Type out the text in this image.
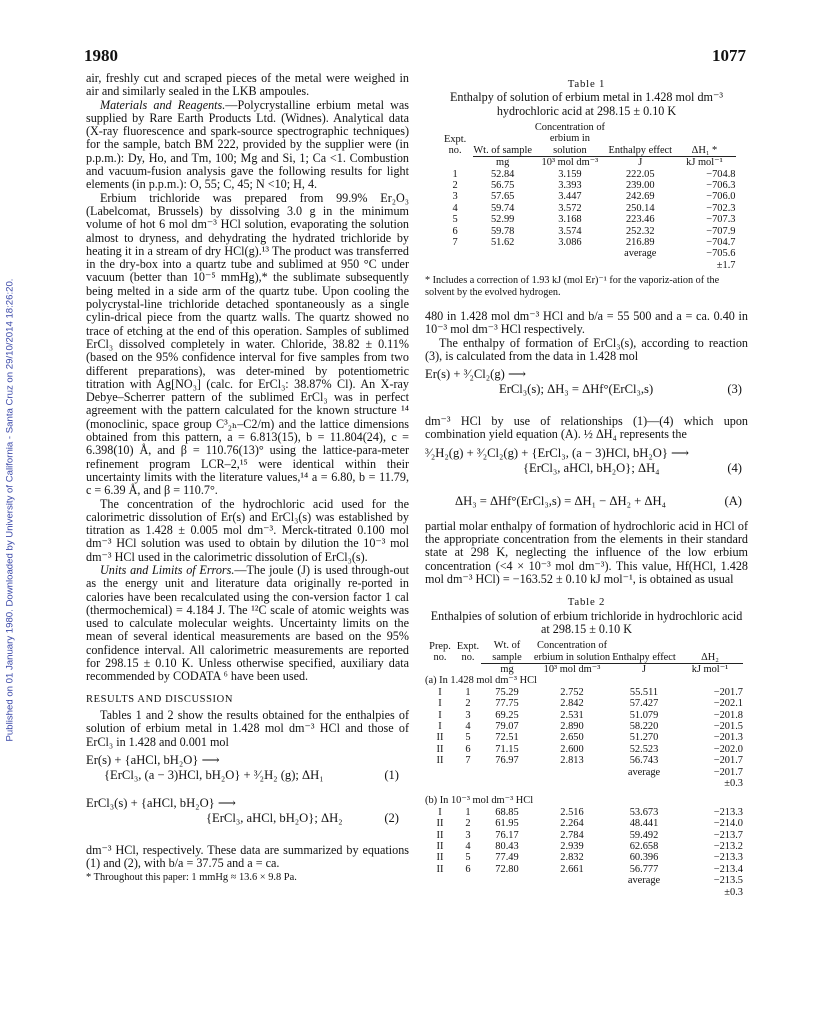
1980	1077
Published on 01 January 1980. Downloaded by University of California - Santa Cruz on 29/10/2014 18:26:20.

air, freshly cut and scraped pieces of the metal were weighed in air and similarly sealed in the LKB ampoules.

Materials and Reagents.—Polycrystalline erbium metal was supplied by Rare Earth Products Ltd. (Widnes). Analytical data (X-ray fluorescence and spark-source spectrographic techniques) for the sample, batch BM 222, provided by the supplier were (in p.p.m.): Dy, Ho, and Tm, 100; Mg and Si, 1; Ca <1. Combustion and vacuum-fusion analysis gave the following results for light elements (in p.p.m.): O, 55; C, 45; N <10; H, 4.

Erbium trichloride was prepared from 99.9% Er₂O₃ (Labelcomat, Brussels) by dissolving 3.0 g in the minimum volume of hot 6 mol dm⁻³ HCl solution, evaporating the solution almost to dryness, and dehydrating the hydrated trichloride by heating it in a stream of dry HCl(g).¹³ The product was transferred in the dry-box into a quartz tube and sublimed at 950 °C under vacuum (better than 10⁻⁵ mmHg),* the sublimate subsequently being melted in a side arm of the quartz tube. Upon cooling the polycrystal-line trichloride detached spontaneously as a single cylin-drical piece from the quartz walls. The quartz showed no trace of etching at the end of this operation. Samples of sublimed ErCl₃ dissolved completely in water. Chloride, 38.82 ± 0.11% (based on the 95% confidence interval for five samples from two different preparations), was deter-mined by potentiometric titration with Ag[NO₃] (calc. for ErCl₃: 38.87% Cl). An X-ray Debye–Scherrer pattern of the sublimed ErCl₃ was in perfect agreement with the pattern calculated for the known structure ¹⁴ (monoclinic, space group C³₂ₕ–C2/m) and the lattice dimensions obtained from this pattern, a = 6.813(15), b = 11.804(24), c = 6.398(10) Å, and β = 110.76(13)° using the lattice-para-meter refinement program LCR–2,¹⁵ were identical within their uncertainty limits with the literature values,¹⁴ a = 6.80, b = 11.79, c = 6.39 Å, and β = 110.7°.

The concentration of the hydrochloric acid used for the calorimetric dissolution of Er(s) and ErCl₃(s) was established by titration as 1.428 ± 0.005 mol dm⁻³. Merck-titrated 0.100 mol dm⁻³ HCl solution was used to obtain by dilution the 10⁻³ mol dm⁻³ HCl used in the calorimetric dissolution of ErCl₃(s).

Units and Limits of Errors.—The joule (J) is used through-out as the energy unit and literature data originally re-ported in calories have been recalculated using the con-version factor 1 cal (thermochemical) = 4.184 J. The ¹²C scale of atomic weights was used to calculate molecular weights. Uncertainty limits on the mean of several identical measurements are based on the 95% confidence interval. All calorimetric measurements are reported for 298.15 ± 0.10 K. Unless otherwise specified, auxiliary data recommended by CODATA ⁶ have been used.

RESULTS AND DISCUSSION

Tables 1 and 2 show the results obtained for the enthalpies of solution of erbium metal in 1.428 mol dm⁻³ HCl and those of ErCl₃ in 1.428 and 0.001 mol

Er(s) + {aHCl, bH₂O} ⟶
{ErCl₃, (a − 3)HCl, bH₂O} + ³⁄₂H₂ (g); ΔH₁	(1)
ErCl₃(s) + {aHCl, bH₂O} ⟶
{ErCl₃, aHCl, bH₂O}; ΔH₂	(2)

dm⁻³ HCl, respectively. These data are summarized by equations (1) and (2), with b/a = 37.75 and a = ca.

* Throughout this paper: 1 mmHg ≈ 13.6 × 9.8 Pa.
Table 1
Enthalpy of solution of erbium metal in 1.428 mol dm⁻³ hydrochloric acid at 298.15 ± 0.10 K
Expt. no.	Wt. of sample	Concentration of erbium in solution	Enthalpy effect	ΔH₁ *
	mg	10³ mol dm⁻³	J	kJ mol⁻¹
1	52.84	3.159	222.05	−704.8
2	56.75	3.393	239.00	−706.3
3	57.65	3.447	242.69	−706.0
4	59.74	3.572	250.14	−702.3
5	52.99	3.168	223.46	−707.3
6	59.78	3.574	252.32	−707.9
7	51.62	3.086	216.89	−704.7
			average	−705.6
				±1.7
* Includes a correction of 1.93 kJ (mol Er)⁻¹ for the vaporiz-ation of the solvent by the evolved hydrogen.

480 in 1.428 mol dm⁻³ HCl and b/a = 55 500 and a = ca. 0.40 in 10⁻³ mol dm⁻³ HCl respectively.

The enthalpy of formation of ErCl₃(s), according to reaction (3), is calculated from the data in 1.428 mol

Er(s) + ³⁄₂Cl₂(g) ⟶
ErCl₃(s); ΔH₃ = ΔHf°(ErCl₃,s)	(3)

dm⁻³ HCl by use of relationships (1)—(4) which upon combination yield equation (A). ½ ΔH₄ represents the

³⁄₂H₂(g) + ³⁄₂Cl₂(g) + {ErCl₃, (a − 3)HCl, bH₂O} ⟶
{ErCl₃, aHCl, bH₂O}; ΔH₄	(4)
ΔH₃ = ΔHf°(ErCl₃,s) = ΔH₁ − ΔH₂ + ΔH₄	(A)

partial molar enthalpy of formation of hydrochloric acid in HCl of the appropriate concentration from the elements in their standard state at 298 K, neglecting the influence of the low erbium concentration (<4 × 10⁻³ mol dm⁻³). This value, Hf(HCl, 1.428 mol dm⁻³ HCl) = −163.52 ± 0.10 kJ mol⁻¹, is obtained as usual

Table 2
Enthalpies of solution of erbium trichloride in hydrochloric acid at 298.15 ± 0.10 K
Prep. no.	Expt. no.	Wt. of sample	Concentration of erbium in solution	Enthalpy effect	ΔH₂
		mg	10³ mol dm⁻³	J	kJ mol⁻¹
(a) In 1.428 mol dm⁻³ HCl					
I	1	75.29	2.752	55.511	−201.7
I	2	77.75	2.842	57.427	−202.1
I	3	69.25	2.531	51.079	−201.8
I	4	79.07	2.890	58.220	−201.5
II	5	72.51	2.650	51.270	−201.3
II	6	71.15	2.600	52.523	−202.0
II	7	76.97	2.813	56.743	−201.7
				average	−201.7
					±0.3

(b) In 10⁻³ mol dm⁻³ HCl					
I	1	68.85	2.516	53.673	−213.3
II	2	61.95	2.264	48.441	−214.0
II	3	76.17	2.784	59.492	−213.7
II	4	80.43	2.939	62.658	−213.2
II	5	77.49	2.832	60.396	−213.3
II	6	72.80	2.661	56.777	−213.4
				average	−213.5
					±0.3
